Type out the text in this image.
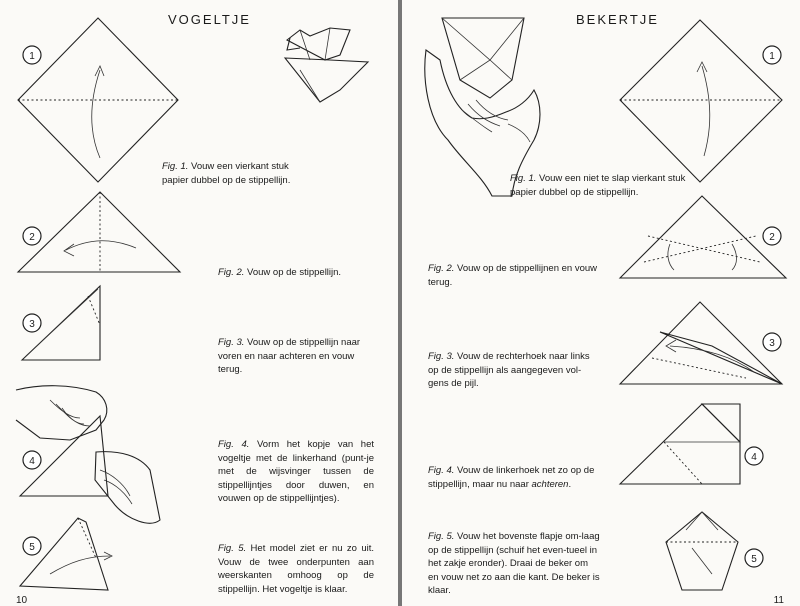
1
2
3
4
5
VOGELTJE
Fig. 1. Vouw een vierkant stuk papier dubbel op de stippellijn.
Fig. 2. Vouw op de stippellijn.
Fig. 3. Vouw op de stippellijn naar voren en naar achteren en vouw terug.
Fig. 4. Vorm het kopje van het vogeltje met de linkerhand (punt-je met de wijsvinger tussen de stippellijntjes door duwen, en vouwen op de stippellijntjes).
Fig. 5. Het model ziet er nu zo uit. Vouw de twee onderpunten aan weerskanten omhoog op de stippellijn. Het vogeltje is klaar.
10
1
2
3
4
5
BEKERTJE
Fig. 1. Vouw een niet te slap vierkant stuk papier dubbel op de stippellijn.
Fig. 2. Vouw op de stippellijnen en vouw terug.
Fig. 3. Vouw de rechterhoek naar links op de stippellijn als aangegeven vol-gens de pijl.
Fig. 4. Vouw de linkerhoek net zo op de stippellijn, maar nu naar achteren.
Fig. 5. Vouw het bovenste flapje om-laag op de stippellijn (schuif het even-tueel in het zakje eronder). Draai de beker om en vouw net zo aan die kant. De beker is klaar.
11
